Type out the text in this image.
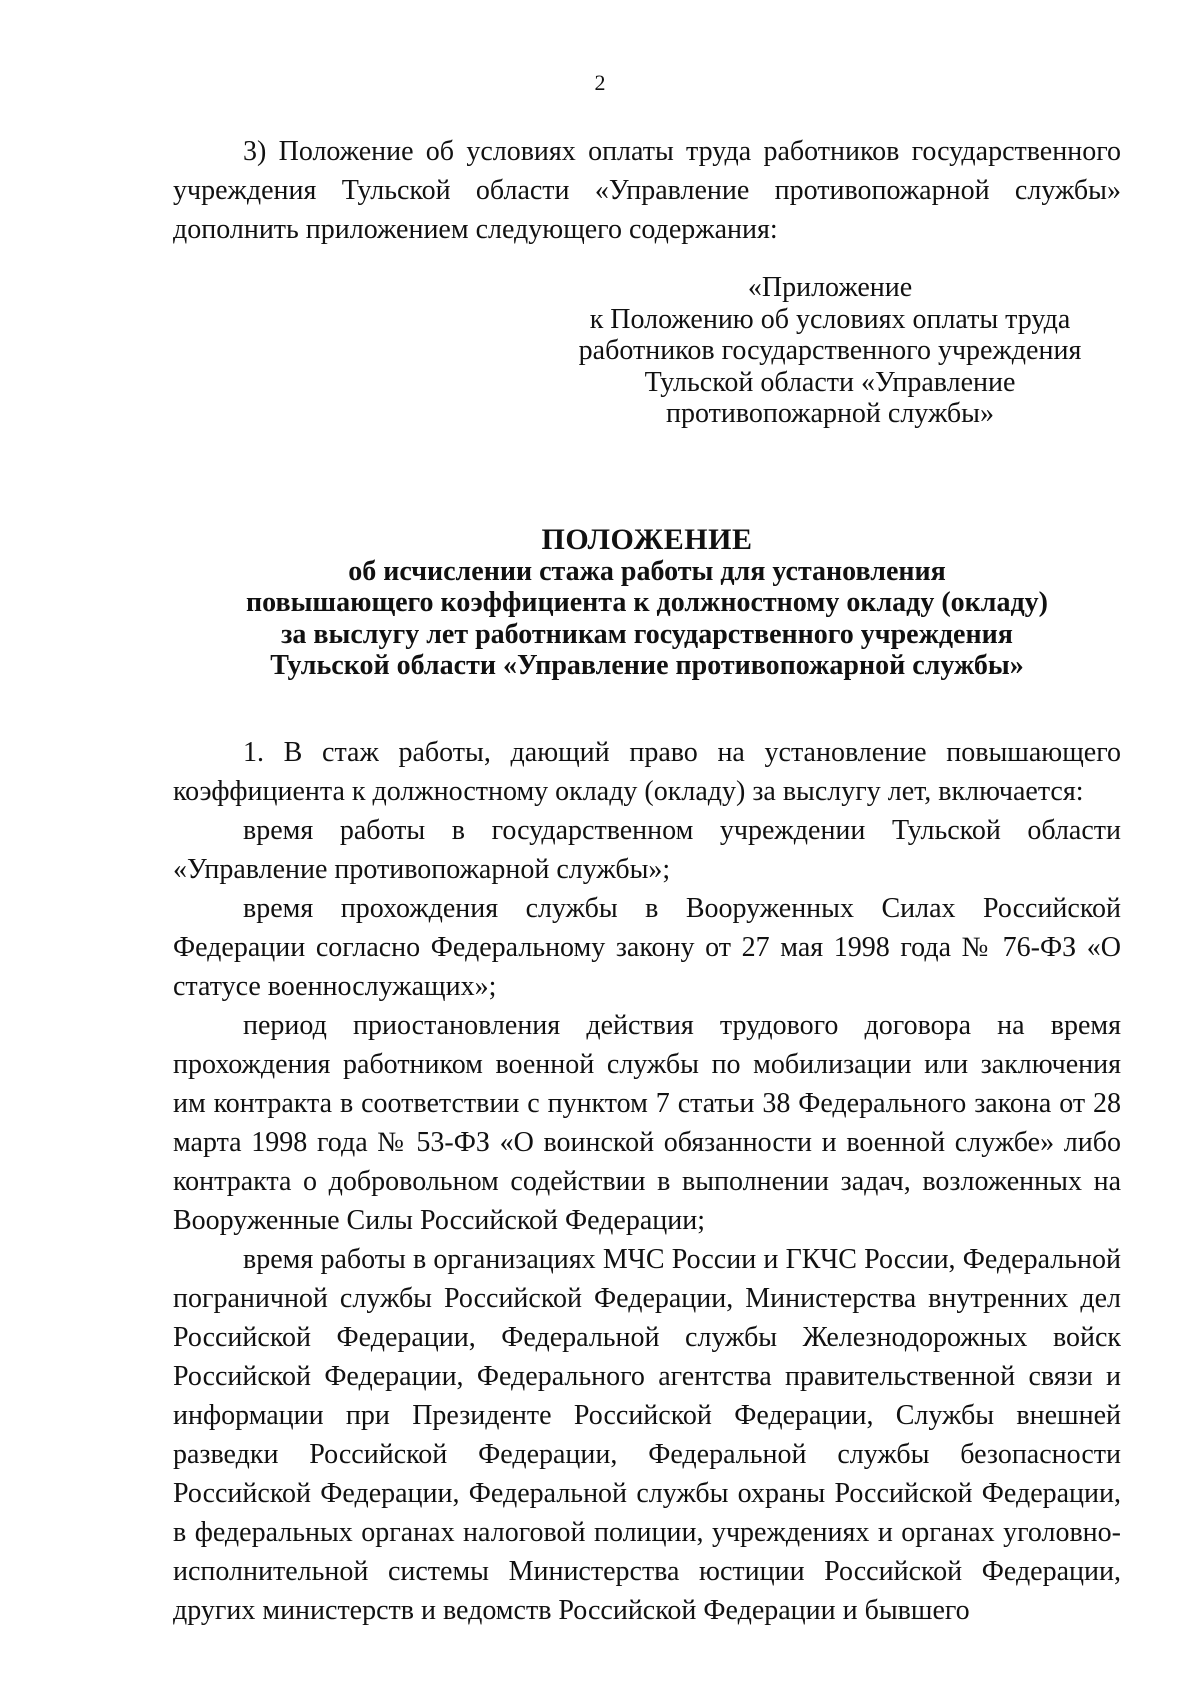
2

3) Положение об условиях оплаты труда работников государственного учреждения Тульской области «Управление противопожарной службы» дополнить приложением следующего содержания:

«Приложение
к Положению об условиях оплаты труда
работников государственного учреждения
Тульской области «Управление
противопожарной службы»
ПОЛОЖЕНИЕ
об исчислении стажа работы для установления
повышающего коэффициента к должностному окладу (окладу)
за выслугу лет работникам государственного учреждения
Тульской области «Управление противопожарной службы»

1. В стаж работы, дающий право на установление повышающего коэффициента к должностному окладу (окладу) за выслугу лет, включается:

время работы в государственном учреждении Тульской области «Управление противопожарной службы»;

время прохождения службы в Вооруженных Силах Российской Федерации согласно Федеральному закону от 27 мая 1998 года № 76-ФЗ «О статусе военнослужащих»;

период приостановления действия трудового договора на время прохождения работником военной службы по мобилизации или заключения им контракта в соответствии с пунктом 7 статьи 38 Федерального закона от 28 марта 1998 года № 53-ФЗ «О воинской обязанности и военной службе» либо контракта о добровольном содействии в выполнении задач, возложенных на Вооруженные Силы Российской Федерации;

время работы в организациях МЧС России и ГКЧС России, Федеральной пограничной службы Российской Федерации, Министерства внутренних дел Российской Федерации, Федеральной службы Железнодорожных войск Российской Федерации, Федерального агентства правительственной связи и информации при Президенте Российской Федерации, Службы внешней разведки Российской Федерации, Федеральной службы безопасности Российской Федерации, Федеральной службы охраны Российской Федерации, в федеральных органах налоговой полиции, учреждениях и органах уголовно-исполнительной системы Министерства юстиции Российской Федерации, других министерств и ведомств Российской Федерации и бывшего
